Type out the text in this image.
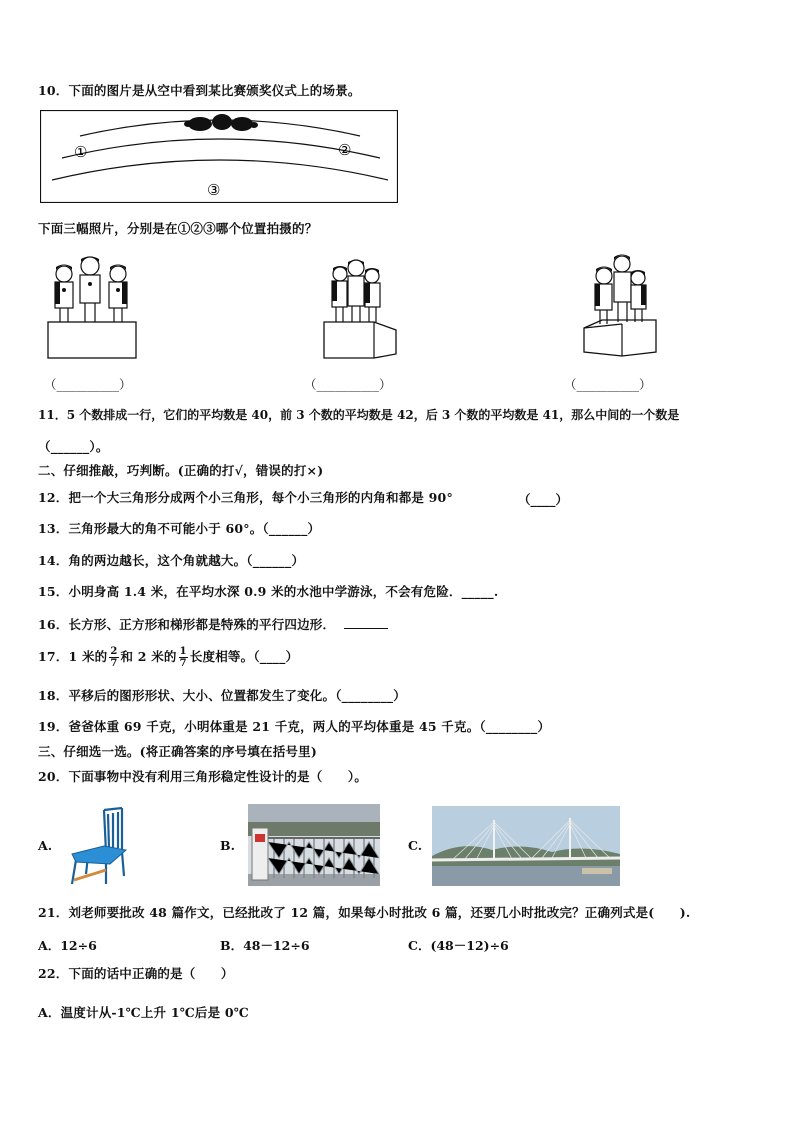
10．下面的图片是从空中看到某比赛颁奖仪式上的场景。
①	②
③
下面三幅照片，分别是在①②③哪个位置拍摄的？
（__________）	（__________）	（__________）
11．5 个数排成一行，它们的平均数是 40，前 3 个数的平均数是 42，后 3 个数的平均数是 41，那么中间的一个数是
（______）。
二、仔细推敲，巧判断。(正确的打√，错误的打×)
12．把一个大三角形分成两个小三角形，每个小三角形的内角和都是 90°	（____）
13．三角形最大的角不可能小于 60°。（______）
14．角的两边越长，这个角就越大。（______）
15．小明身高 1.4 米，在平均水深 0.9 米的水池中学游泳，不会有危险．_____.
16．长方形、正方形和梯形都是特殊的平行四边形．
17．1 米的 $\frac{2}{7}$ 和 2 米的 $\frac{1}{7}$ 长度相等。（____）
18．平移后的图形形状、大小、位置都发生了变化。（________）
19．爸爸体重 69 千克，小明体重是 21 千克，两人的平均体重是 45 千克。（________）
三、仔细选一选。(将正确答案的序号填在括号里)
20．下面事物中没有利用三角形稳定性设计的是（　　）。
A.	B.	C.
21．刘老师要批改 48 篇作文，已经批改了 12 篇，如果每小时批改 6 篇，还要几小时批改完？正确列式是(　　).
A．12÷6	B．48－12÷6	C．(48－12)÷6
22．下面的话中正确的是（　　）
A．温度计从-1℃上升 1℃后是 0℃
